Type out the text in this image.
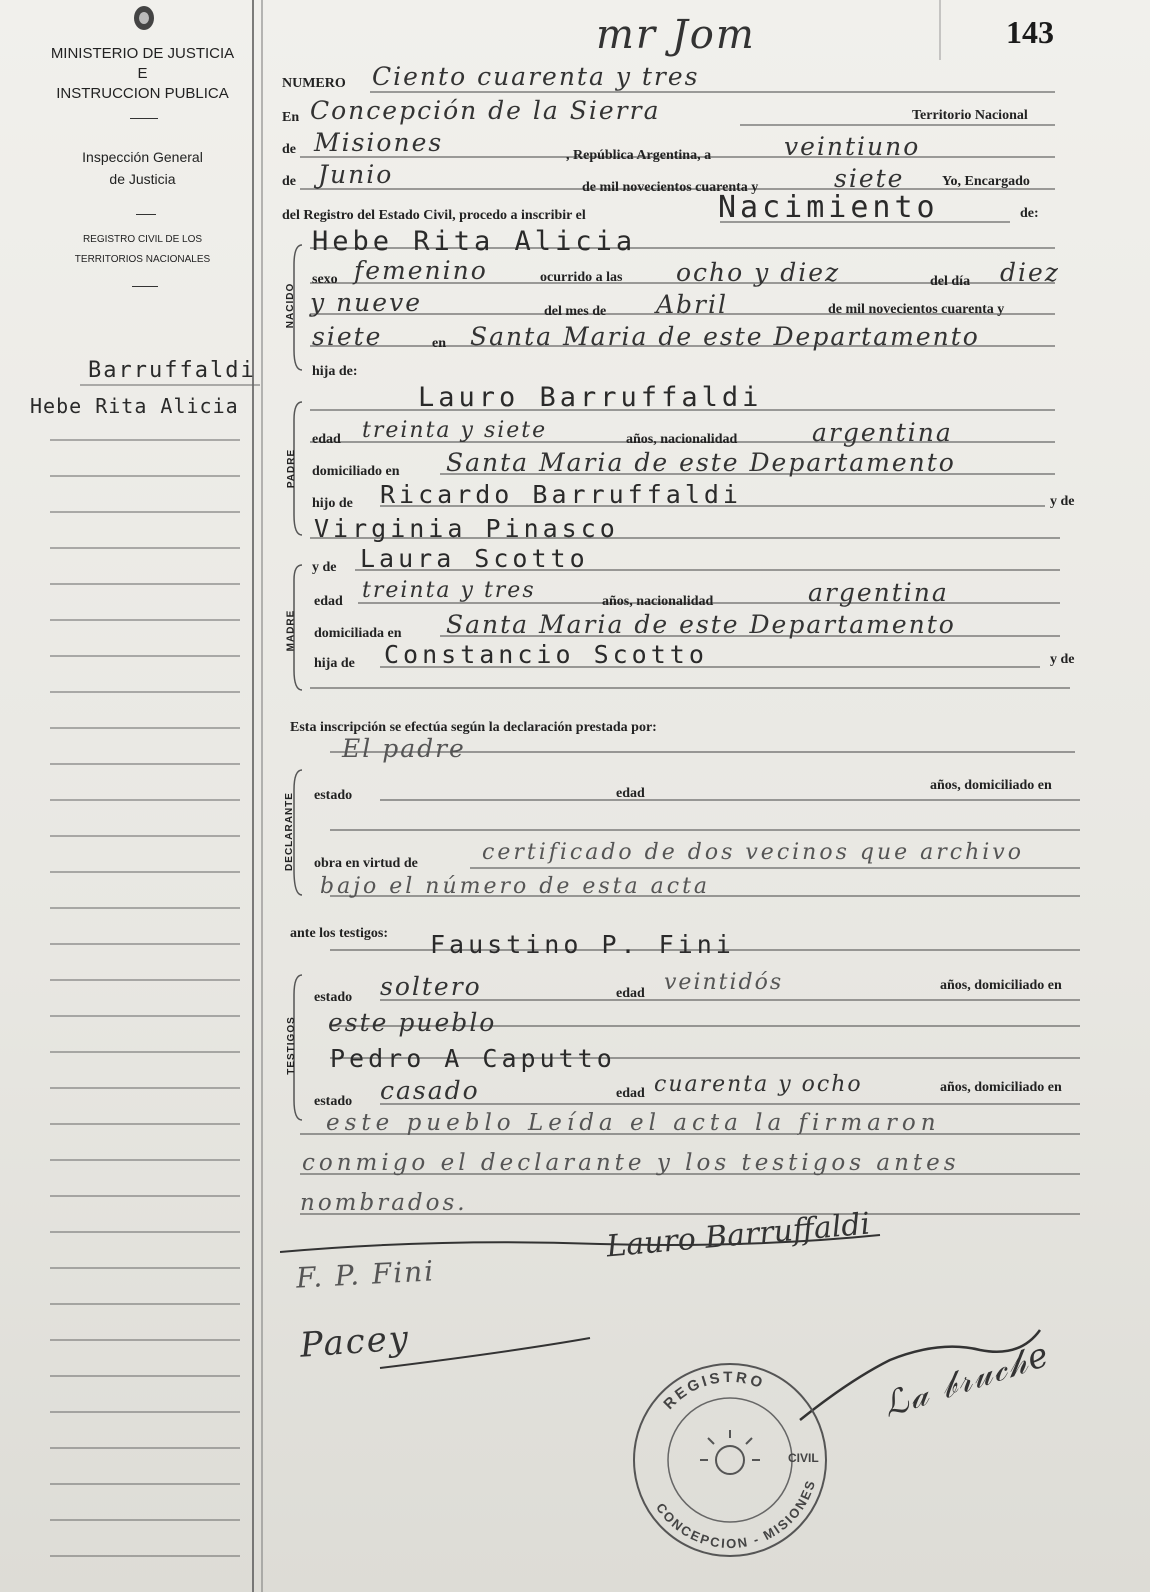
MINISTERIO DE JUSTICIA
E
INSTRUCCION PUBLICA
Inspección General
de Justicia
REGISTRO CIVIL DE LOS
TERRITORIOS NACIONALES
Barruffaldi
Hebe Rita Alicia
143
mr Jom
NACIDO
PADRE
MADRE
DECLARANTE
TESTIGOS
NUMERO Ciento cuarenta y tres
En Concepción de la Sierra	Territorio Nacional
de Misiones	, República Argentina, a	veintiuno
de Junio	de mil novecientos cuarenta y	siete	Yo, Encargado
del Registro del Estado Civil, procedo a inscribir el	Nacimiento	de:
Hebe Rita Alicia
sexo femenino	ocurrido a las ocho y diez	del día diez
y nueve	del mes de Abril	de mil novecientos cuarenta y
siete	en Santa Maria de este Departamento
hija de:
Lauro Barruffaldi
edad treinta y siete	años, nacionalidad	argentina
domiciliado en Santa Maria de este Departamento
hijo de Ricardo Barruffaldi	y de
Virginia Pinasco
y de Laura Scotto
edad treinta y tres	años, nacionalidad	argentina
domiciliada en Santa Maria de este Departamento
hija de Constancio Scotto	y de
Esta inscripción se efectúa según la declaración prestada por:
El padre
estado	edad
años, domiciliado en
obra en virtud de	certificado de dos vecinos que archivo bajo el número de esta acta
ante los testigos: Faustino P. Fini
estado soltero	edad veintidós	años, domiciliado en
este pueblo
Pedro A Caputto
estado casado	edad cuarenta y ocho	años, domiciliado en
este pueblo Leída el acta la firmaron
conmigo el declarante y los testigos antes
nombrados.
Lauro Barruffaldi
F. P. Fini
Pacey
REGISTRO
CONCEPCION - MISIONES
CIVIL
ℒ𝒶 𝒷𝓇𝓊𝒸𝒽𝑒
